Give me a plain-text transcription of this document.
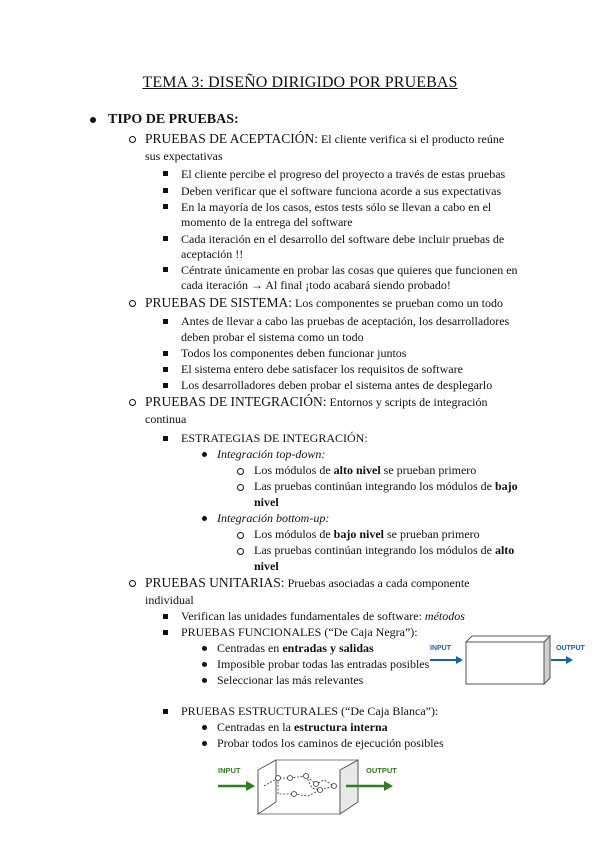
TEMA 3: DISEÑO DIRIGIDO POR PRUEBAS
TIPO DE PRUEBAS:
PRUEBAS DE ACEPTACIÓN: El cliente verifica si el producto reúne
sus expectativas
El cliente percibe el progreso del proyecto a través de estas pruebas
Deben verificar que el software funciona acorde a sus expectativas
En la mayoría de los casos, estos tests sólo se llevan a cabo en el
momento de la entrega del software
Cada iteración en el desarrollo del software debe incluir pruebas de
aceptación !!
Céntrate únicamente en probar las cosas que quieres que funcionen en
cada iteración → Al final ¡todo acabará siendo probado!
PRUEBAS DE SISTEMA: Los componentes se prueban como un todo
Antes de llevar a cabo las pruebas de aceptación, los desarrolladores
deben probar el sistema como un todo
Todos los componentes deben funcionar juntos
El sistema entero debe satisfacer los requisitos de software
Los desarrolladores deben probar el sistema antes de desplegarlo
PRUEBAS DE INTEGRACIÓN: Entornos y scripts de integración
continua
ESTRATEGIAS DE INTEGRACIÓN:
Integración top-down:
Los módulos de alto nivel se prueban primero
Las pruebas continúan integrando los módulos de bajo
nivel
Integración bottom-up:
Los módulos de bajo nivel se prueban primero
Las pruebas continúan integrando los módulos de alto
nivel
PRUEBAS UNITARIAS: Pruebas asociadas a cada componente
individual
Verifican las unidades fundamentales de software: métodos
PRUEBAS FUNCIONALES (“De Caja Negra”):
Centradas en entradas y salidas
Imposible probar todas las entradas posibles
Seleccionar las más relevantes
INPUT	OUTPUT
PRUEBAS ESTRUCTURALES (“De Caja Blanca”):
Centradas en la estructura interna
Probar todos los caminos de ejecución posibles
INPUT	OUTPUT
